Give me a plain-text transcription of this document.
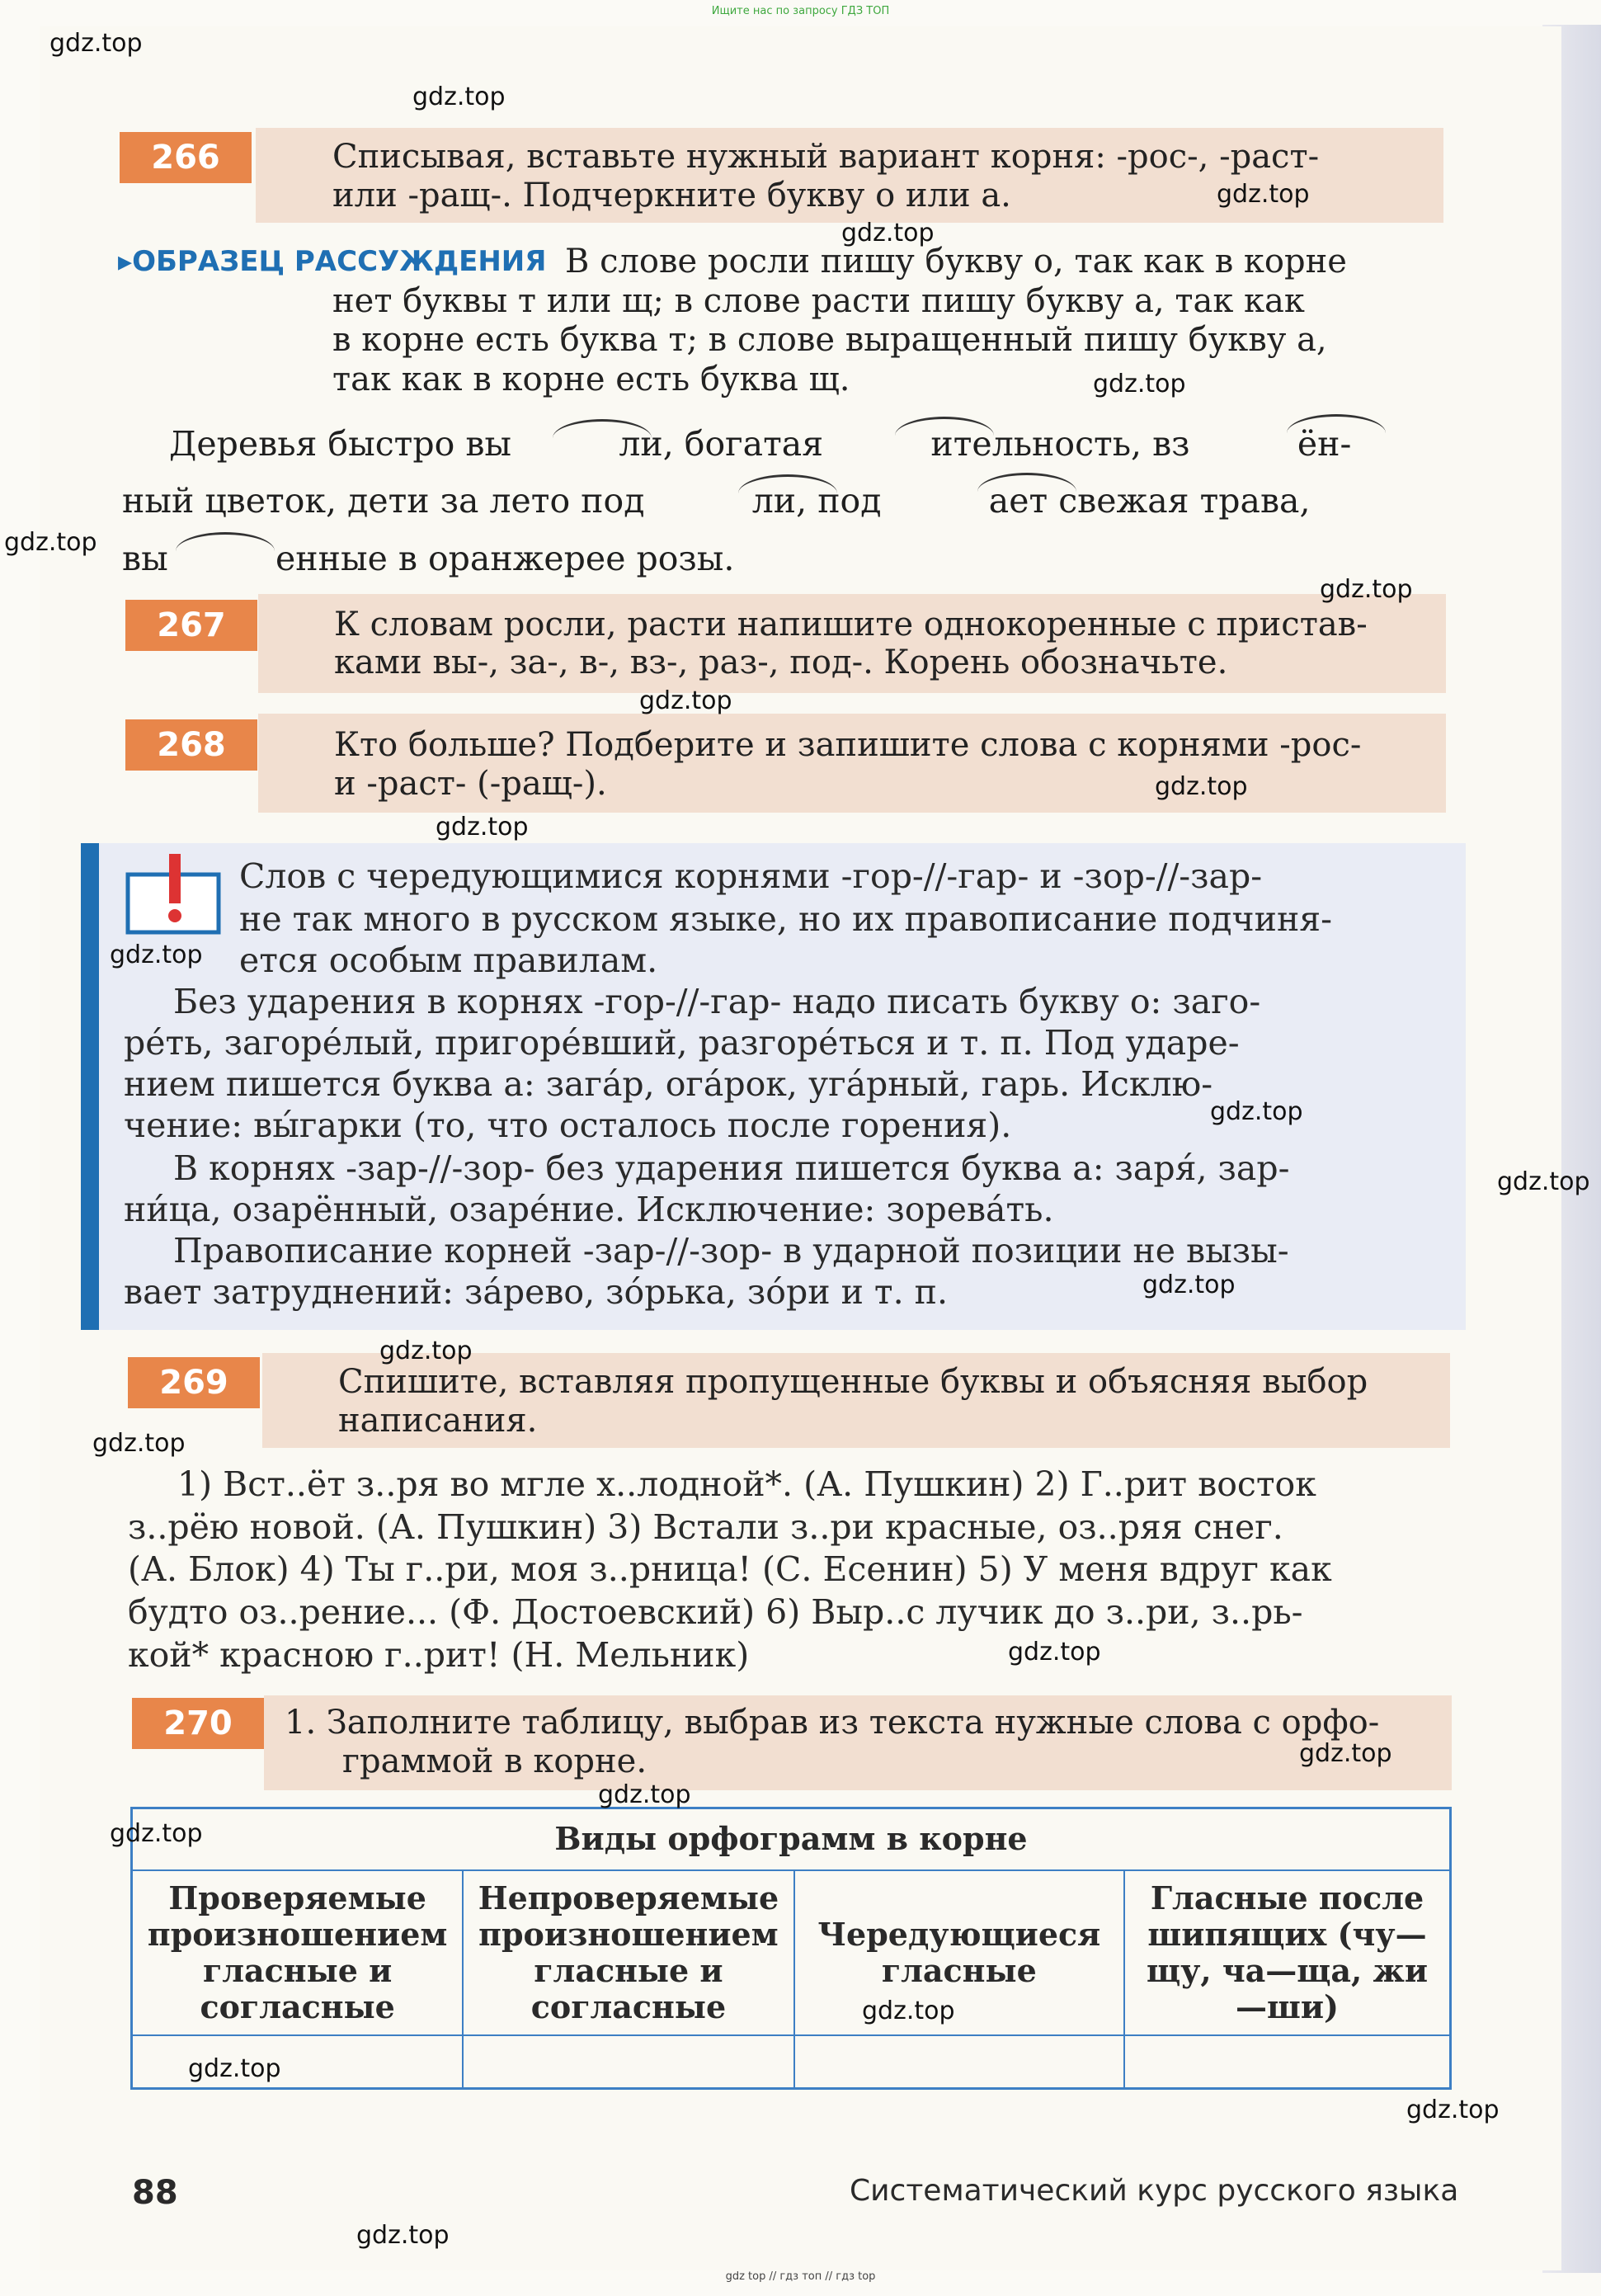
Ищите нас по запросу ГДЗ ТОП
266	Списывая, вставьте нужный вариант корня: -рос-, -раст-
или -ращ-. Подчеркните букву о или а.
▸ОБРАЗЕЦ РАССУЖДЕНИЯ В слове росли пишу букву о, так как в корне
нет буквы т или щ; в слове расти пишу букву а, так как
в корне есть буква т; в слове выращенный пишу букву а,
так как в корне есть буква щ.
Деревья быстро вы          ли, богатая          ительность, вз          ён-
ный цветок, дети за лето под          ли, под          ает свежая трава,
вы          енные в оранжерее розы.
267	К словам росли, расти напишите однокоренные с пристав-
ками вы-, за-, в-, вз-, раз-, под-. Корень обозначьте.
268	Кто больше? Подберите и запишите слова с корнями -рос-
и -раст- (-ращ-).
Слов с чередующимися корнями -гор-//-гар- и -зор-//-зар-
не так много в русском языке, но их правописание подчиня-
ется особым правилам.
Без ударения в корнях -гор-//-гар- надо писать букву о: заго-
ре́ть, загоре́лый, пригоре́вший, разгоре́ться и т. п. Под ударе-
нием пишется буква а: зага́р, ога́рок, уга́рный, гарь. Исклю-
чение: вы́гарки (то, что осталось после горения).
В корнях -зар-//-зор- без ударения пишется буква а: заря́, зар-
ни́ца, озарённый, озаре́ние. Исключение: зорева́ть.
Правописание корней -зар-//-зор- в ударной позиции не вызы-
вает затруднений: за́рево, зо́рька, зо́ри и т. п.
269	Спишите, вставляя пропущенные буквы и объясняя выбор
написания.
1) Вст..ёт з..ря во мгле х..лодной*. (А. Пушкин) 2) Г..рит восток
з..рёю новой. (А. Пушкин) 3) Встали з..ри красные, оз..ряя снег.
(А. Блок) 4) Ты г..ри, моя з..рница! (С. Есенин) 5) У меня вдруг как
будто оз..рение... (Ф. Достоевский) 6) Выр..с лучик до з..ри, з..рь-
кой* красною г..рит! (Н. Мельник)
270	1. Заполните таблицу, выбрав из текста нужные слова с орфо-
граммой в корне.
Виды орфограмм в корне			
Проверяемые произношением гласные и согласные	Непроверяемые произношением гласные и согласные	Чередующиеся гласные	Гласные после шипящих (чу—щу, ча—ща, жи—ши)

88	Систематический курс русского языка
gdz top // гдз топ // гдз top
gdz.top
gdz.top
gdz.top
gdz.top
gdz.top
gdz.top
gdz.top
gdz.top
gdz.top
gdz.top
gdz.top
gdz.top
gdz.top
gdz.top
gdz.top
gdz.top
gdz.top
gdz.top
gdz.top
gdz.top
gdz.top
gdz.top
gdz.top
gdz.top
